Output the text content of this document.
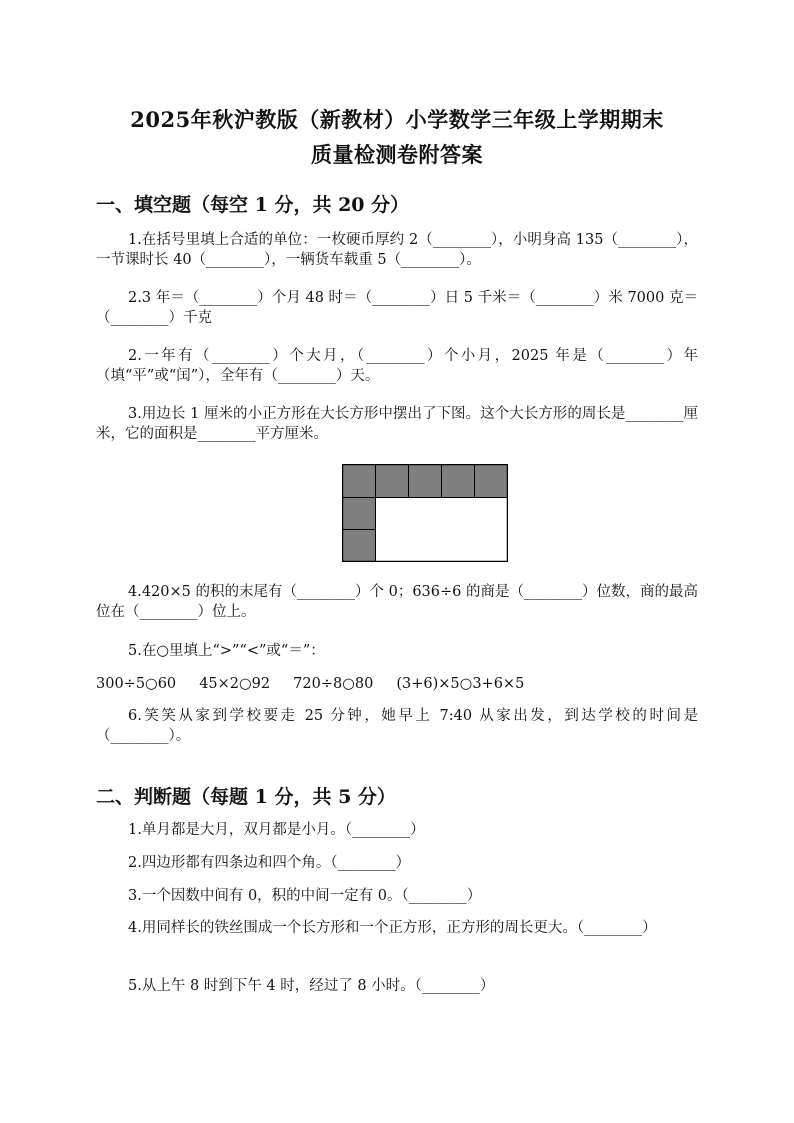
2025年秋沪教版（新教材）小学数学三年级上学期期末
质量检测卷附答案
一、填空题（每空 1 分，共 20 分）
1.在括号里填上合适的单位：一枚硬币厚约 2（________），小明身高 135（________），一节课时长 40（________），一辆货车载重 5（________）。
2.3 年＝（________）个月 48 时＝（________）日 5 千米＝（________）米 7000 克＝（________）千克
2.一年有（________）个大月，（________）个小月，2025 年是（________）年（填“平”或“闰”），全年有（________）天。
3.用边长 1 厘米的小正方形在大长方形中摆出了下图。这个大长方形的周长是________厘米，它的面积是________平方厘米。
4.420×5 的积的末尾有（________）个 0；636÷6 的商是（________）位数，商的最高位在（________）位上。
5.在○里填上“>”“<”或“＝”：
300÷5○60     45×2○92     720÷8○80     (3+6)×5○3+6×5
6.笑笑从家到学校要走 25 分钟，她早上 7:40 从家出发，到达学校的时间是（________）。
二、判断题（每题 1 分，共 5 分）
1.单月都是大月，双月都是小月。（________）
2.四边形都有四条边和四个角。（________）
3.一个因数中间有 0，积的中间一定有 0。（________）
4.用同样长的铁丝围成一个长方形和一个正方形，正方形的周长更大。（________）
5.从上午 8 时到下午 4 时，经过了 8 小时。（________）
